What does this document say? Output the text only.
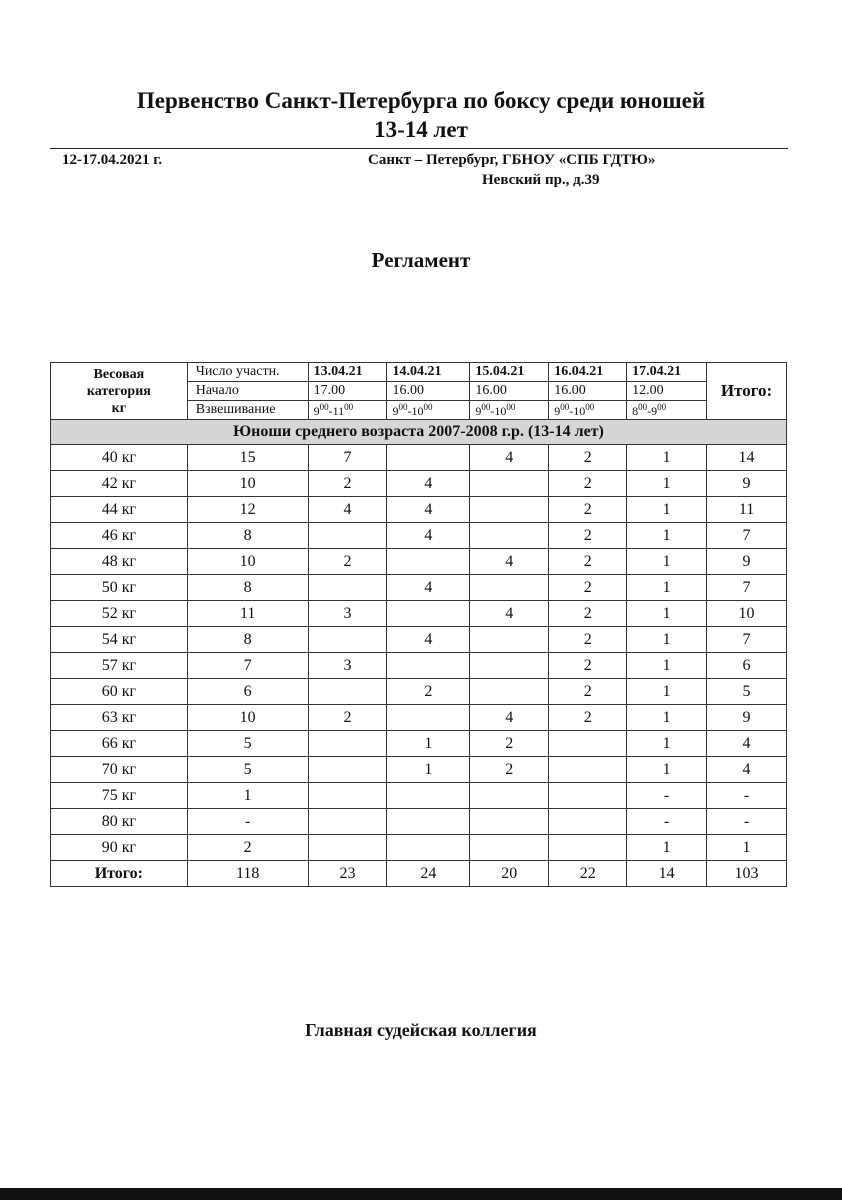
Первенство Санкт-Петербурга по боксу среди юношей
13-14 лет
12-17.04.2021 г.	Санкт – Петербург, ГБНОУ «СПБ ГДТЮ»
Невский пр., д.39
Регламент
Весовая
категория
кг	Число участн.	13.04.21	14.04.21	15.04.21	16.04.21	17.04.21	Итого:
	Начало	17.00	16.00	16.00	16.00	12.00	
	Взвешивание	$9^{00}-11^{00}$	$9^{00}-10^{00}$	$9^{00}-10^{00}$	$9^{00}-10^{00}$	$8^{00}-9^{00}$
Юноши среднего возраста 2007-2008 г.р. (13-14 лет)							
40 кг	15	7		4	2	1	14
42 кг	10	2	4		2	1	9
44 кг	12	4	4		2	1	11
46 кг	8		4		2	1	7
48 кг	10	2		4	2	1	9
50 кг	8		4		2	1	7
52 кг	11	3		4	2	1	10
54 кг	8		4		2	1	7
57 кг	7	3			2	1	6
60 кг	6		2		2	1	5
63 кг	10	2		4	2	1	9
66 кг	5		1	2		1	4
70 кг	5		1	2		1	4
75 кг	1					-	-
80 кг	-					-	-
90 кг	2					1	1
Итого:	118	23	24	20	22	14	103
Главная судейская коллегия
